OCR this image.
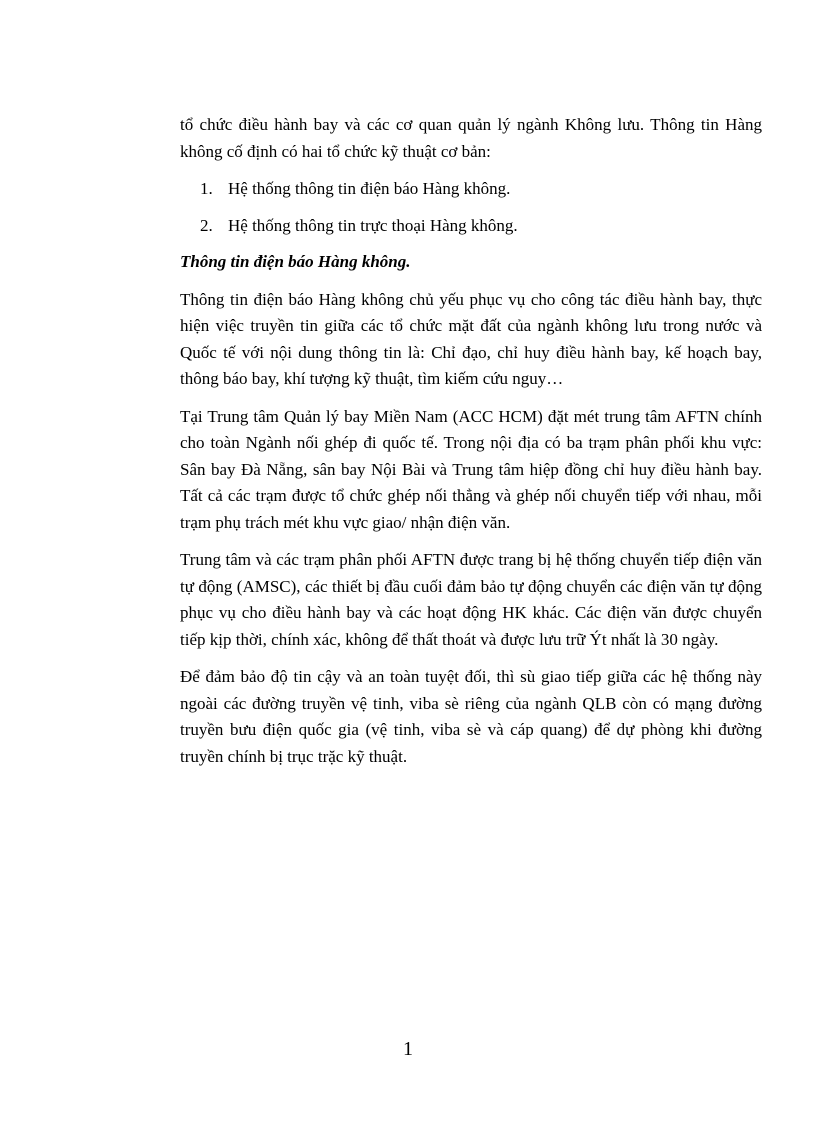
tổ chức điều hành bay và các cơ quan quản lý ngành Không lưu. Thông tin Hàng không cố định có hai tổ chức kỹ thuật cơ bản:

1. Hệ thống thông tin điện báo Hàng không.
2. Hệ thống thông tin trực thoại Hàng không.

Thông tin điện báo Hàng không.

Thông tin điện báo Hàng không chủ yếu phục vụ cho công tác điều hành bay, thực hiện việc truyền tin giữa các tổ chức mặt đất của ngành không lưu trong nước và Quốc tế với nội dung thông tin là: Chỉ đạo, chỉ huy điều hành bay, kế hoạch bay, thông báo bay, khí tượng kỹ thuật, tìm kiếm cứu nguy…

Tại Trung tâm Quản lý bay Miền Nam (ACC HCM) đặt mét trung tâm AFTN chính cho toàn Ngành nối ghép đi quốc tế. Trong nội địa có ba trạm phân phối khu vực: Sân bay Đà Nẵng, sân bay Nội Bài và Trung tâm hiệp đồng chỉ huy điều hành bay. Tất cả các trạm được tổ chức ghép nối thẳng và ghép nối chuyển tiếp với nhau, mỗi trạm phụ trách mét khu vực giao/ nhận điện văn.

Trung tâm và các trạm phân phối AFTN được trang bị hệ thống chuyển tiếp điện văn tự động (AMSC), các thiết bị đầu cuối đảm bảo tự động chuyển các điện văn tự động phục vụ cho điều hành bay và các hoạt động HK khác. Các điện văn được chuyển tiếp kịp thời, chính xác, không để thất thoát và được lưu trữ Ýt nhất là 30 ngày.

Để đảm bảo độ tin cậy và an toàn tuyệt đối, thì sù giao tiếp giữa các hệ thống này ngoài các đường truyền vệ tinh, viba sè riêng của ngành QLB còn có mạng đường truyền bưu điện quốc gia (vệ tinh, viba sè và cáp quang) để dự phòng khi đường truyền chính bị trục trặc kỹ thuật.

1
